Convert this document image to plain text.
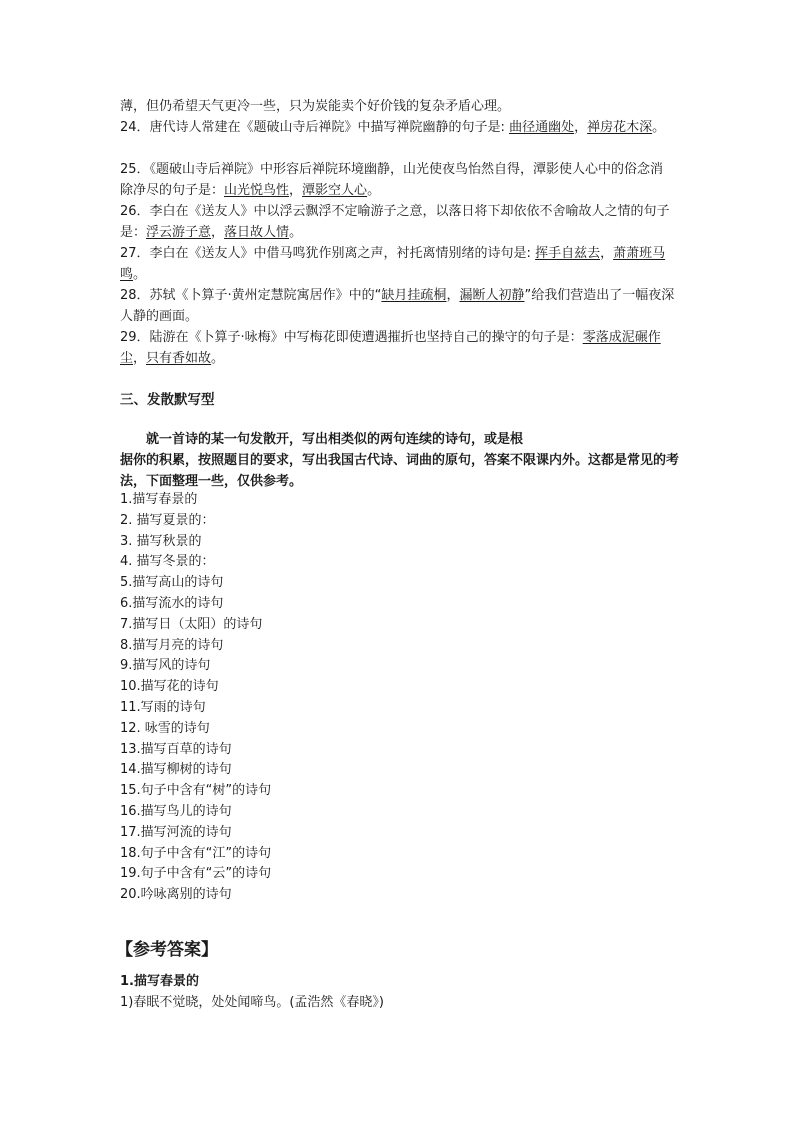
薄，但仍希望天气更冷一些，只为炭能卖个好价钱的复杂矛盾心理。
24．唐代诗人常建在《题破山寺后禅院》中描写禅院幽静的句子是: 曲径通幽处，禅房花木深。
25．《题破山寺后禅院》中形容后禅院环境幽静，山光使夜鸟怡然自得，潭影使人心中的俗念消除净尽的句子是：山光悦鸟性，潭影空人心。
26．李白在《送友人》中以浮云飘浮不定喻游子之意，以落日将下却依依不舍喻故人之情的句子是：浮云游子意，落日故人情。
27．李白在《送友人》中借马鸣犹作别离之声，衬托离情别绪的诗句是: 挥手自兹去，萧萧班马鸣。
28．苏轼《卜算子·黄州定慧院寓居作》中的“缺月挂疏桐，漏断人初静”给我们营造出了一幅夜深人静的画面。
29．陆游在《卜算子·咏梅》中写梅花即使遭遇摧折也坚持自己的操守的句子是：零落成泥碾作尘，只有香如故。
三、发散默写型
就一首诗的某一句发散开，写出相类似的两句连续的诗句，或是根
据你的积累，按照题目的要求，写出我国古代诗、词曲的原句，答案不限课内外。这都是常见的考法，下面整理一些，仅供参考。
1.描写春景的
2. 描写夏景的：
3. 描写秋景的
4. 描写冬景的：
5.描写高山的诗句
6.描写流水的诗句
7.描写日（太阳）的诗句
8.描写月亮的诗句
9.描写风的诗句
10.描写花的诗句
11.写雨的诗句
12. 咏雪的诗句
13.描写百草的诗句
14.描写柳树的诗句
15.句子中含有“树”的诗句
16.描写鸟儿的诗句
17.描写河流的诗句
18.句子中含有“江”的诗句
19.句子中含有“云”的诗句
20.吟咏离别的诗句
【参考答案】
1.描写春景的
1)春眠不觉晓，处处闻啼鸟。(孟浩然《春晓》)
